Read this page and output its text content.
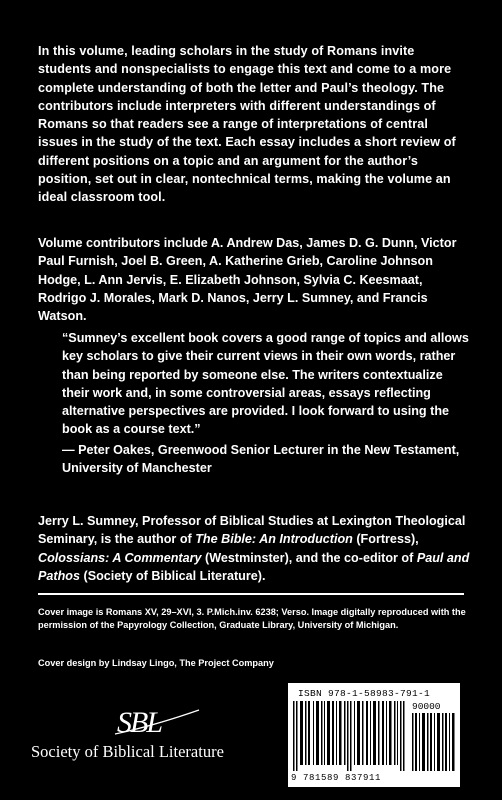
In this volume, leading scholars in the study of Romans invite students and nonspecialists to engage this text and come to a more complete understanding of both the letter and Paul’s theology. The contributors include interpreters with different understandings of Romans so that readers see a range of interpretations of central issues in the study of the text. Each essay includes a short review of different positions on a topic and an argument for the author’s position, set out in clear, nontechnical terms, making the volume an ideal classroom tool.
Volume contributors include A. Andrew Das, James D. G. Dunn, Victor Paul Furnish, Joel B. Green, A. Katherine Grieb, Caroline Johnson Hodge, L. Ann Jervis, E. Elizabeth Johnson, Sylvia C. Keesmaat, Rodrigo J. Morales, Mark D. Nanos, Jerry L. Sumney, and Francis Watson.
“Sumney’s excellent book covers a good range of topics and allows key scholars to give their current views in their own words, rather than being reported by someone else. The writers contextualize their work and, in some controversial areas, essays reflecting alternative perspectives are provided. I look forward to using the book as a course text.”
— Peter Oakes, Greenwood Senior Lecturer in the New Testament, University of Manchester
Jerry L. Sumney, Professor of Biblical Studies at Lexington Theological Seminary, is the author of The Bible: An Introduction (Fortress), Colossians: A Commentary (Westminster), and the co-editor of Paul and Pathos (Society of Biblical Literature).
Cover image is Romans XV, 29–XVI, 3. P.Mich.inv. 6238; Verso. Image digitally reproduced with the permission of the Papyrology Collection, Graduate Library, University of Michigan.
Cover design by Lindsay Lingo, The Project Company
SBL
Society of Biblical Literature
ISBN 978-1-58983-791-1
90000
9 781589 837911
